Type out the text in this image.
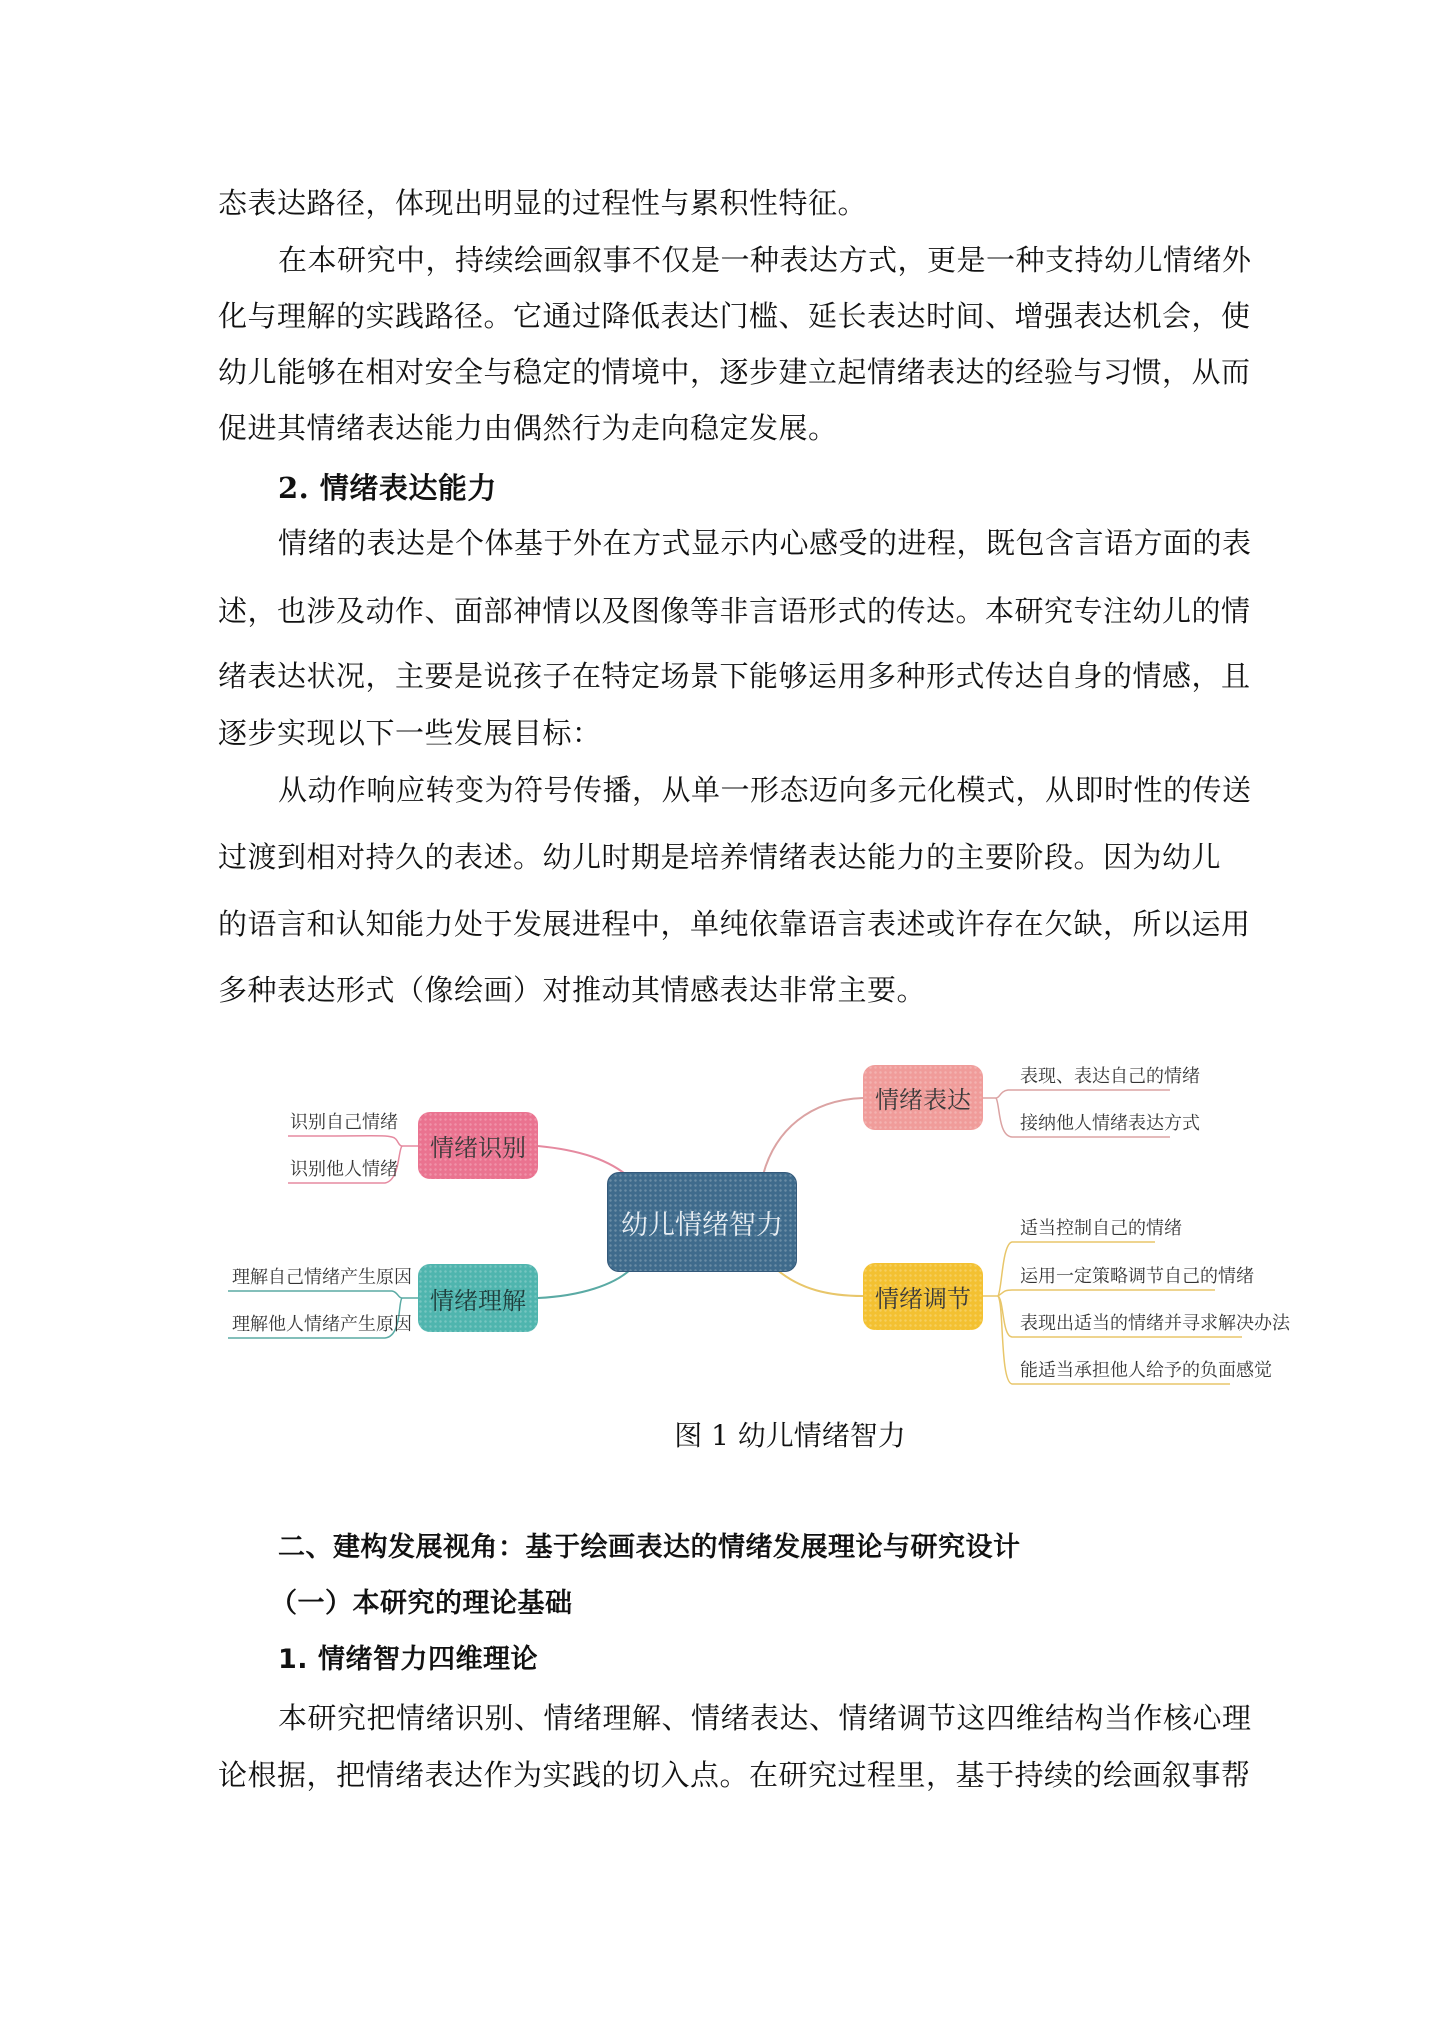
态表达路径，体现出明显的过程性与累积性特征。
在本研究中，持续绘画叙事不仅是一种表达方式，更是一种支持幼儿情绪外
化与理解的实践路径。它通过降低表达门槛、延长表达时间、增强表达机会，使
幼儿能够在相对安全与稳定的情境中，逐步建立起情绪表达的经验与习惯，从而
促进其情绪表达能力由偶然行为走向稳定发展。
2. 情绪表达能力
情绪的表达是个体基于外在方式显示内心感受的进程，既包含言语方面的表
述，也涉及动作、面部神情以及图像等非言语形式的传达。本研究专注幼儿的情
绪表达状况，主要是说孩子在特定场景下能够运用多种形式传达自身的情感，且
逐步实现以下一些发展目标：
从动作响应转变为符号传播，从单一形态迈向多元化模式，从即时性的传送
过渡到相对持久的表述。幼儿时期是培养情绪表达能力的主要阶段。因为幼儿
的语言和认知能力处于发展进程中，单纯依靠语言表述或许存在欠缺，所以运用
多种表达形式（像绘画）对推动其情感表达非常主要。
幼儿情绪智力
情绪识别
情绪理解
情绪表达
情绪调节
识别自己情绪
识别他人情绪
理解自己情绪产生原因
理解他人情绪产生原因
表现、表达自己的情绪
接纳他人情绪表达方式
适当控制自己的情绪
运用一定策略调节自己的情绪
表现出适当的情绪并寻求解决办法
能适当承担他人给予的负面感觉
图 1 幼儿情绪智力
二、建构发展视角：基于绘画表达的情绪发展理论与研究设计
（一）本研究的理论基础
1. 情绪智力四维理论
本研究把情绪识别、情绪理解、情绪表达、情绪调节这四维结构当作核心理
论根据，把情绪表达作为实践的切入点。在研究过程里，基于持续的绘画叙事帮
